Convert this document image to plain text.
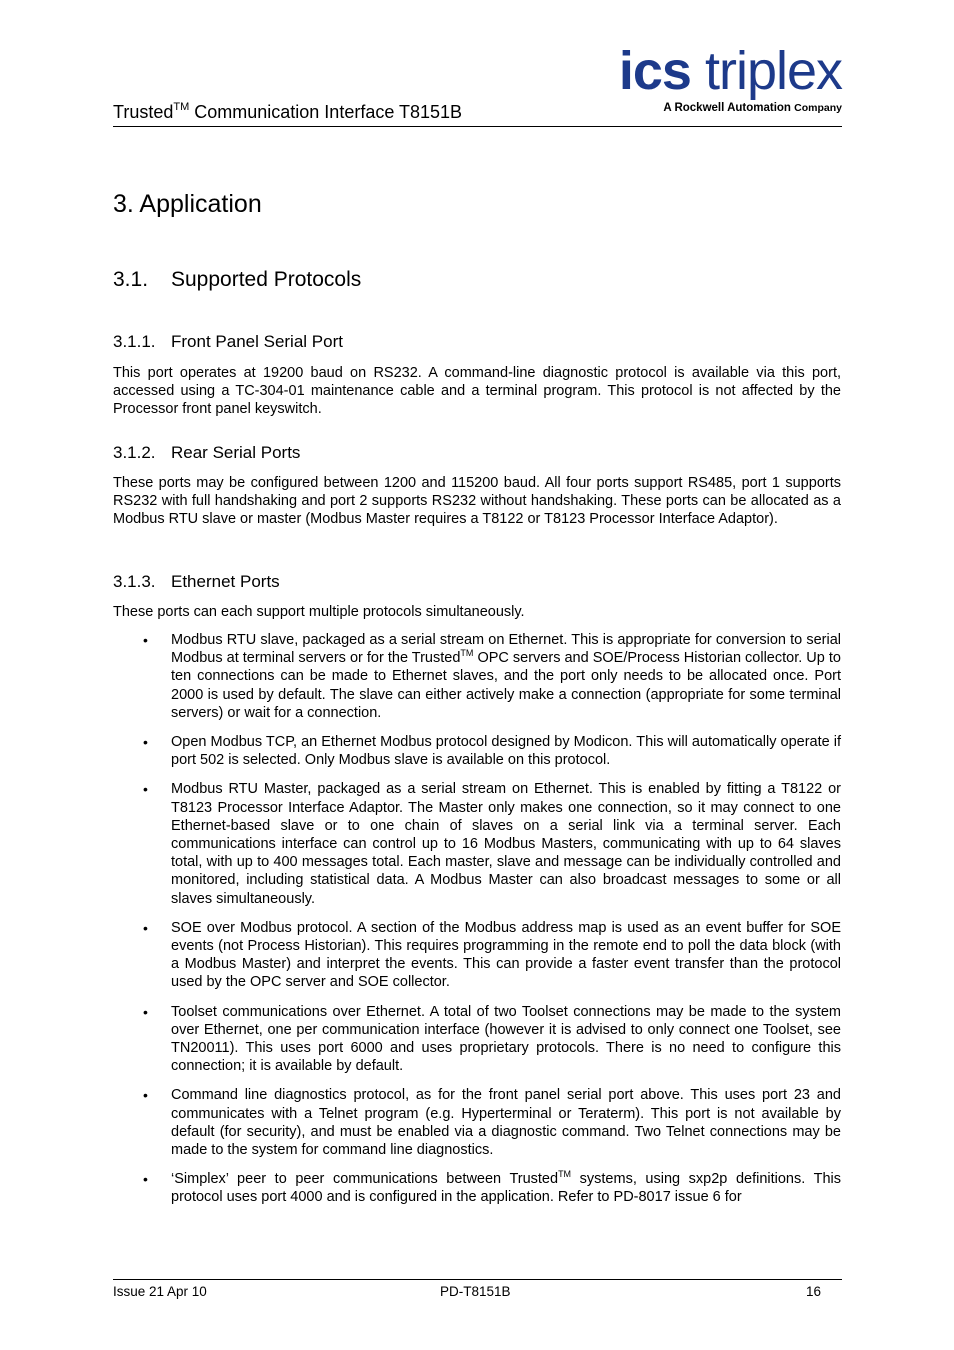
Trusted™ Communication Interface T8151B
ics triplex
A Rockwell Automation Company
3. Application
3.1. Supported Protocols
3.1.1. Front Panel Serial Port
This port operates at 19200 baud on RS232. A command-line diagnostic protocol is available via this port, accessed using a TC-304-01 maintenance cable and a terminal program. This protocol is not affected by the Processor front panel keyswitch.
3.1.2. Rear Serial Ports
These ports may be configured between 1200 and 115200 baud. All four ports support RS485, port 1 supports RS232 with full handshaking and port 2 supports RS232 without handshaking. These ports can be allocated as a Modbus RTU slave or master (Modbus Master requires a T8122 or T8123 Processor Interface Adaptor).
3.1.3. Ethernet Ports
These ports can each support multiple protocols simultaneously.
• Modbus RTU slave, packaged as a serial stream on Ethernet. This is appropriate for conversion to serial Modbus at terminal servers or for the Trusted™ OPC servers and SOE/Process Historian collector. Up to ten connections can be made to Ethernet slaves, and the port only needs to be allocated once. Port 2000 is used by default. The slave can either actively make a connection (appropriate for some terminal servers) or wait for a connection.
• Open Modbus TCP, an Ethernet Modbus protocol designed by Modicon. This will automatically operate if port 502 is selected. Only Modbus slave is available on this protocol.
• Modbus RTU Master, packaged as a serial stream on Ethernet. This is enabled by fitting a T8122 or T8123 Processor Interface Adaptor. The Master only makes one connection, so it may connect to one Ethernet-based slave or to one chain of slaves on a serial link via a terminal server. Each communications interface can control up to 16 Modbus Masters, communicating with up to 64 slaves total, with up to 400 messages total. Each master, slave and message can be individually controlled and monitored, including statistical data. A Modbus Master can also broadcast messages to some or all slaves simultaneously.
• SOE over Modbus protocol. A section of the Modbus address map is used as an event buffer for SOE events (not Process Historian). This requires programming in the remote end to poll the data block (with a Modbus Master) and interpret the events. This can provide a faster event transfer than the protocol used by the OPC server and SOE collector.
• Toolset communications over Ethernet. A total of two Toolset connections may be made to the system over Ethernet, one per communication interface (however it is advised to only connect one Toolset, see TN20011). This uses port 6000 and uses proprietary protocols. There is no need to configure this connection; it is available by default.
• Command line diagnostics protocol, as for the front panel serial port above. This uses port 23 and communicates with a Telnet program (e.g. Hyperterminal or Teraterm). This port is not available by default (for security), and must be enabled via a diagnostic command. Two Telnet connections may be made to the system for command line diagnostics.
• ‘Simplex’ peer to peer communications between Trusted™ systems, using sxp2p definitions. This protocol uses port 4000 and is configured in the application. Refer to PD-8017 issue 6 for
Issue 21 Apr 10	PD-T8151B	16
